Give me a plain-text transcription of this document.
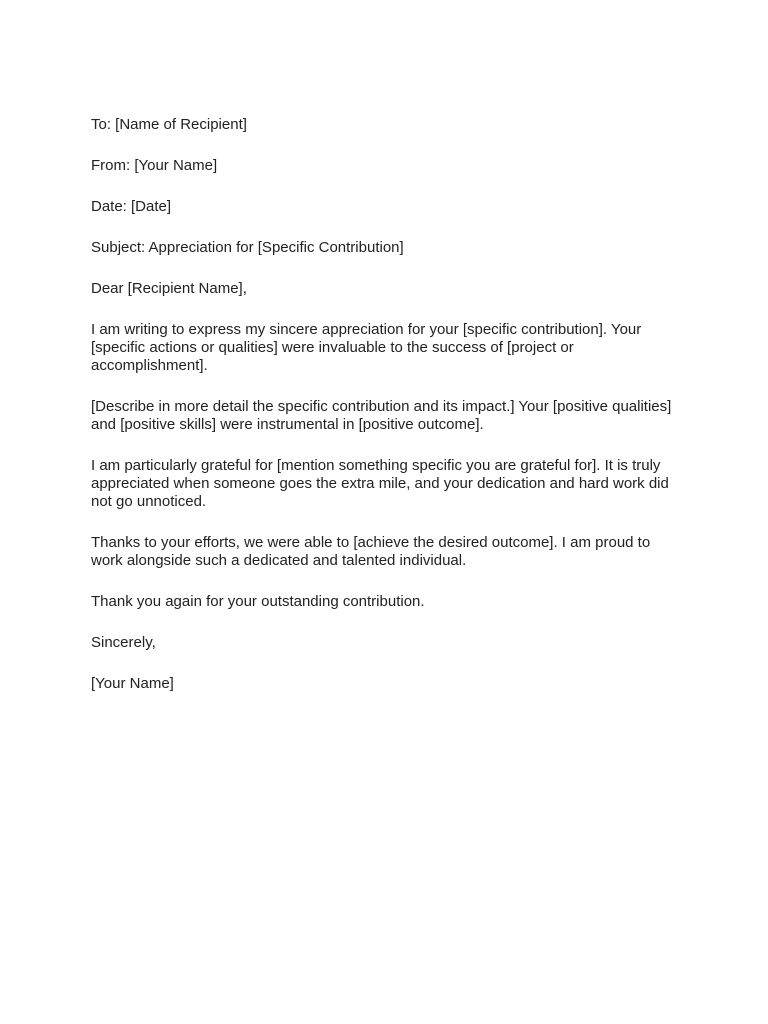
To: [Name of Recipient]
From: [Your Name]
Date: [Date]
Subject: Appreciation for [Specific Contribution]
Dear [Recipient Name],
I am writing to express my sincere appreciation for your [specific contribution]. Your
[specific actions or qualities] were invaluable to the success of [project or
accomplishment].
[Describe in more detail the specific contribution and its impact.] Your [positive qualities]
and [positive skills] were instrumental in [positive outcome].
I am particularly grateful for [mention something specific you are grateful for]. It is truly
appreciated when someone goes the extra mile, and your dedication and hard work did
not go unnoticed.
Thanks to your efforts, we were able to [achieve the desired outcome]. I am proud to
work alongside such a dedicated and talented individual.
Thank you again for your outstanding contribution.
Sincerely,
[Your Name]
